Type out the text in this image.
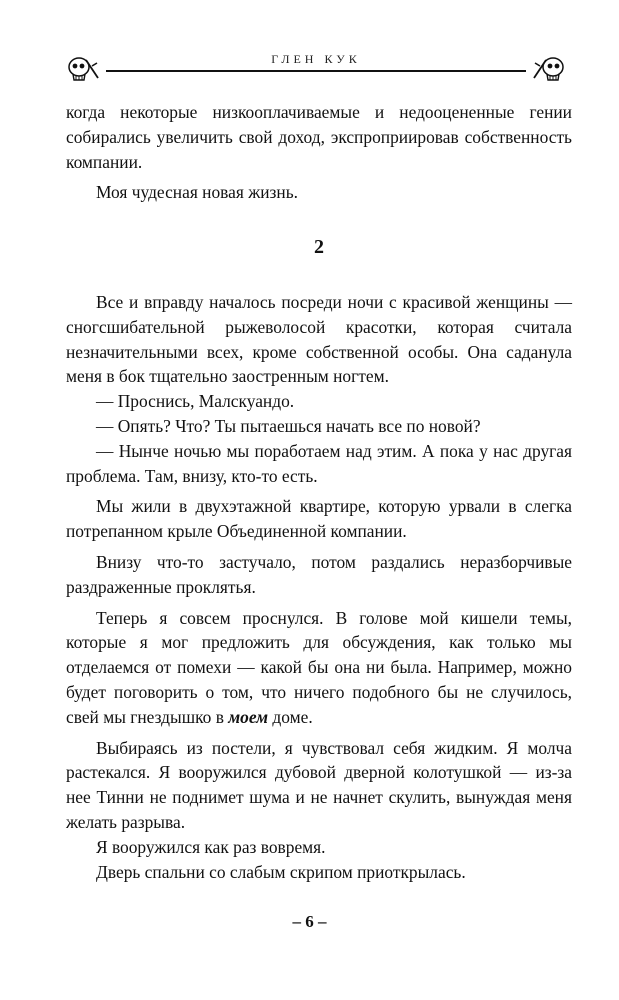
ГЛЕН КУК

когда некоторые низкооплачиваемые и недооцененные гении собирались увеличить свой доход, экспроприировав собственность компании.

Моя чудесная новая жизнь.

2

Все и вправду началось посреди ночи с красивой женщины — сногсшибательной рыжеволосой красотки, которая считала незначительными всех, кроме собственной особы. Она саданула меня в бок тщательно заостренным ногтем.

— Проснись, Малскуандо.

— Опять? Что? Ты пытаешься начать все по новой?

— Нынче ночью мы поработаем над этим. А пока у нас другая проблема. Там, внизу, кто-то есть.

Мы жили в двухэтажной квартире, которую урвали в слегка потрепанном крыле Объединенной компании.

Внизу что-то застучало, потом раздались неразборчивые раздраженные проклятья.

Теперь я совсем проснулся. В голове мой кишели темы, которые я мог предложить для обсуждения, как только мы отделаемся от помехи — какой бы она ни была. Например, можно будет поговорить о том, что ничего подобного бы не случилось, свей мы гнездышко в моем доме.

Выбираясь из постели, я чувствовал себя жидким. Я молча растекался. Я вооружился дубовой дверной колотушкой — из-за нее Тинни не поднимет шума и не начнет скулить, вынуждая меня желать разрыва.

Я вооружился как раз вовремя.

Дверь спальни со слабым скрипом приоткрылась.

– 6 –
